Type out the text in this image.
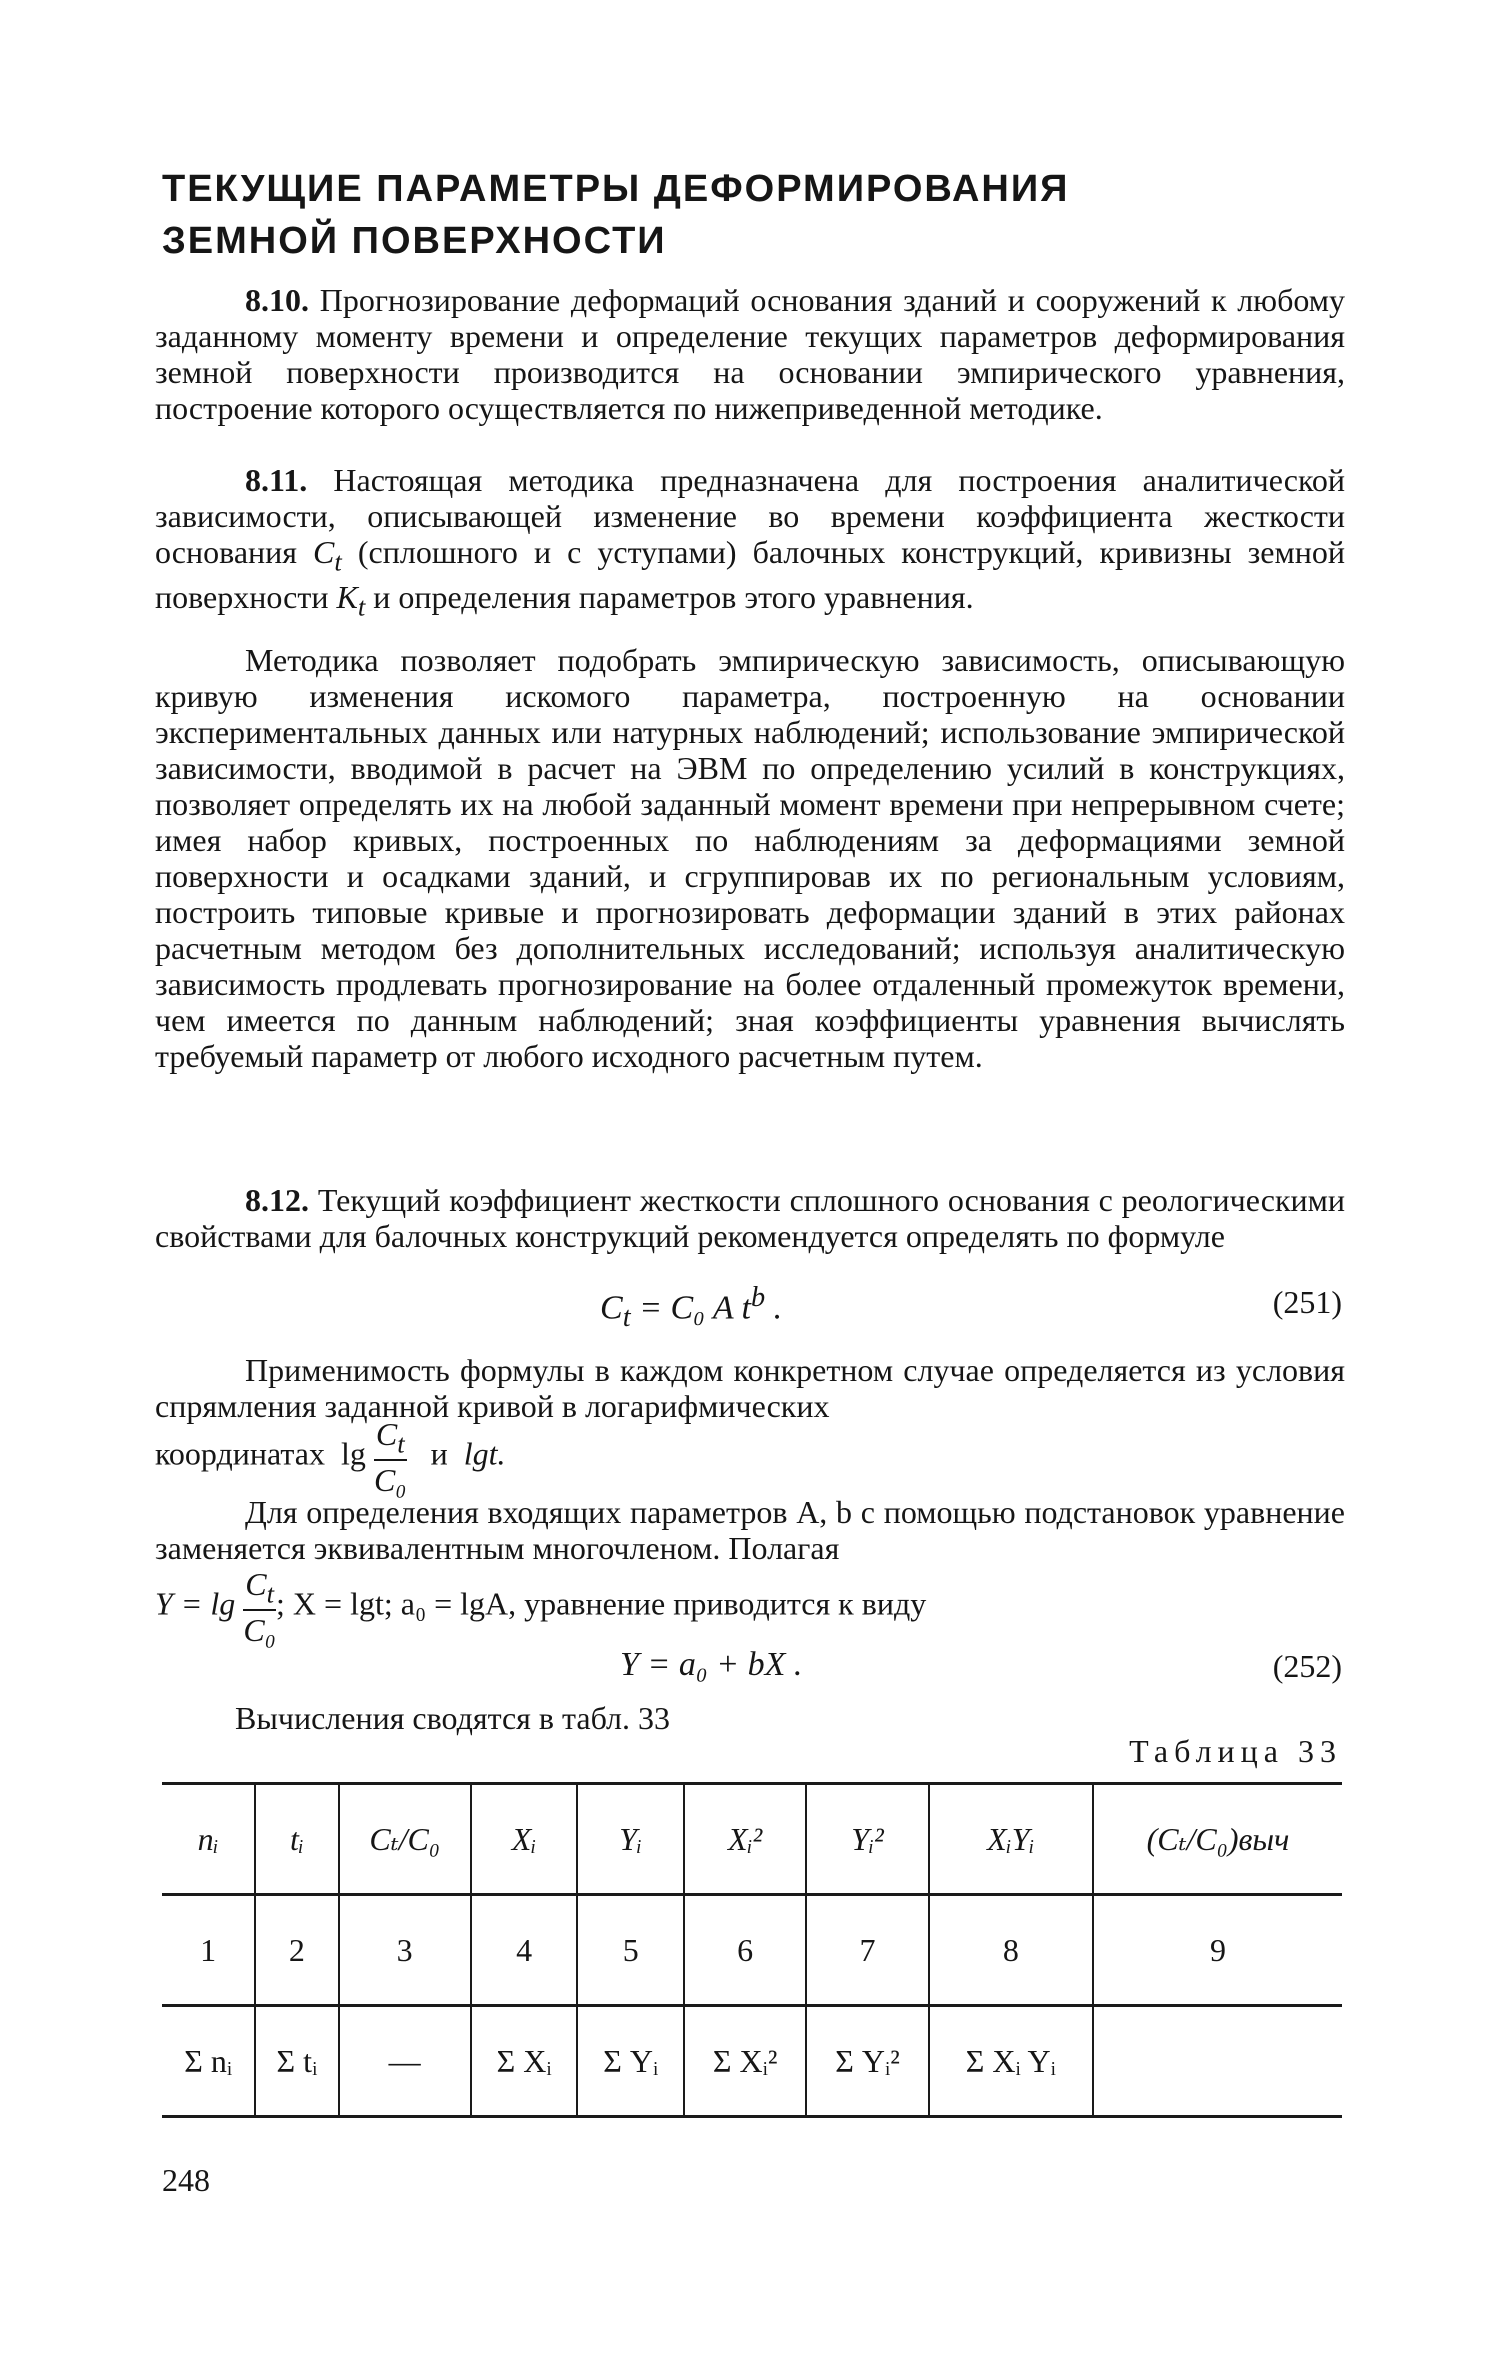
ТЕКУЩИЕ ПАРАМЕТРЫ ДЕФОРМИРОВАНИЯ
ЗЕМНОЙ ПОВЕРХНОСТИ

8.10. Прогнозирование деформаций основания зданий и сооружений к любому заданному моменту времени и определение текущих параметров деформирования земной поверхности производится на основании эмпирического уравнения, построение которого осуществляется по нижеприведенной методике.

8.11. Настоящая методика предназначена для построения аналитической зависимости, описывающей изменение во времени коэффициента жесткости основания $C_t$ (сплошного и с уступами) балочных конструкций, кривизны земной поверхности $K_t$ и определения параметров этого уравнения.

Методика позволяет подобрать эмпирическую зависимость, описывающую кривую изменения искомого параметра, построенную на основании экспериментальных данных или натурных наблюдений; использование эмпирической зависимости, вводимой в расчет на ЭВМ по определению усилий в конструкциях, позволяет определять их на любой заданный момент времени при непрерывном счете; имея набор кривых, построенных по наблюдениям за деформациями земной поверхности и осадками зданий, и сгруппировав их по региональным условиям, построить типовые кривые и прогнозировать деформации зданий в этих районах расчетным методом без дополнительных исследований; используя аналитическую зависимость продлевать прогнозирование на более отдаленный промежуток времени, чем имеется по данным наблюдений; зная коэффициенты уравнения вычислять требуемый параметр от любого исходного расчетным путем.

8.12. Текущий коэффициент жесткости сплошного основания с реологическими свойствами для балочных конструкций рекомендуется определять по формуле

$C_t = C_0$ A $t^b$ .	(251)

Применимость формулы в каждом конкретном случае определяется из условия спрямления заданной кривой в логарифмических

координатах $\lg \frac{C_t}{\text{C₀}}$ и lgt.

Для определения входящих параметров A, b с помощью подстановок уравнение заменяется эквивалентным многочленом. Полагая

$Y = \lg \frac{C_t}{\text{C₀}}$ ; X = lgt; a₀ = lgA, уравнение приводится к виду
Y = a₀ + bX .	(252)

Вычисления сводятся в табл. 33

Таблица 33
nᵢ	tᵢ	Cₜ/C₀	Xᵢ	Yᵢ	Xᵢ²	Yᵢ²	XᵢYᵢ	(Cₜ/C₀)выч
1	2	3	4	5	6	7	8	9
Σ nᵢ	Σ tᵢ	—	Σ Xᵢ	Σ Yᵢ	Σ Xᵢ²	Σ Yᵢ²	Σ Xᵢ Yᵢ	
248
